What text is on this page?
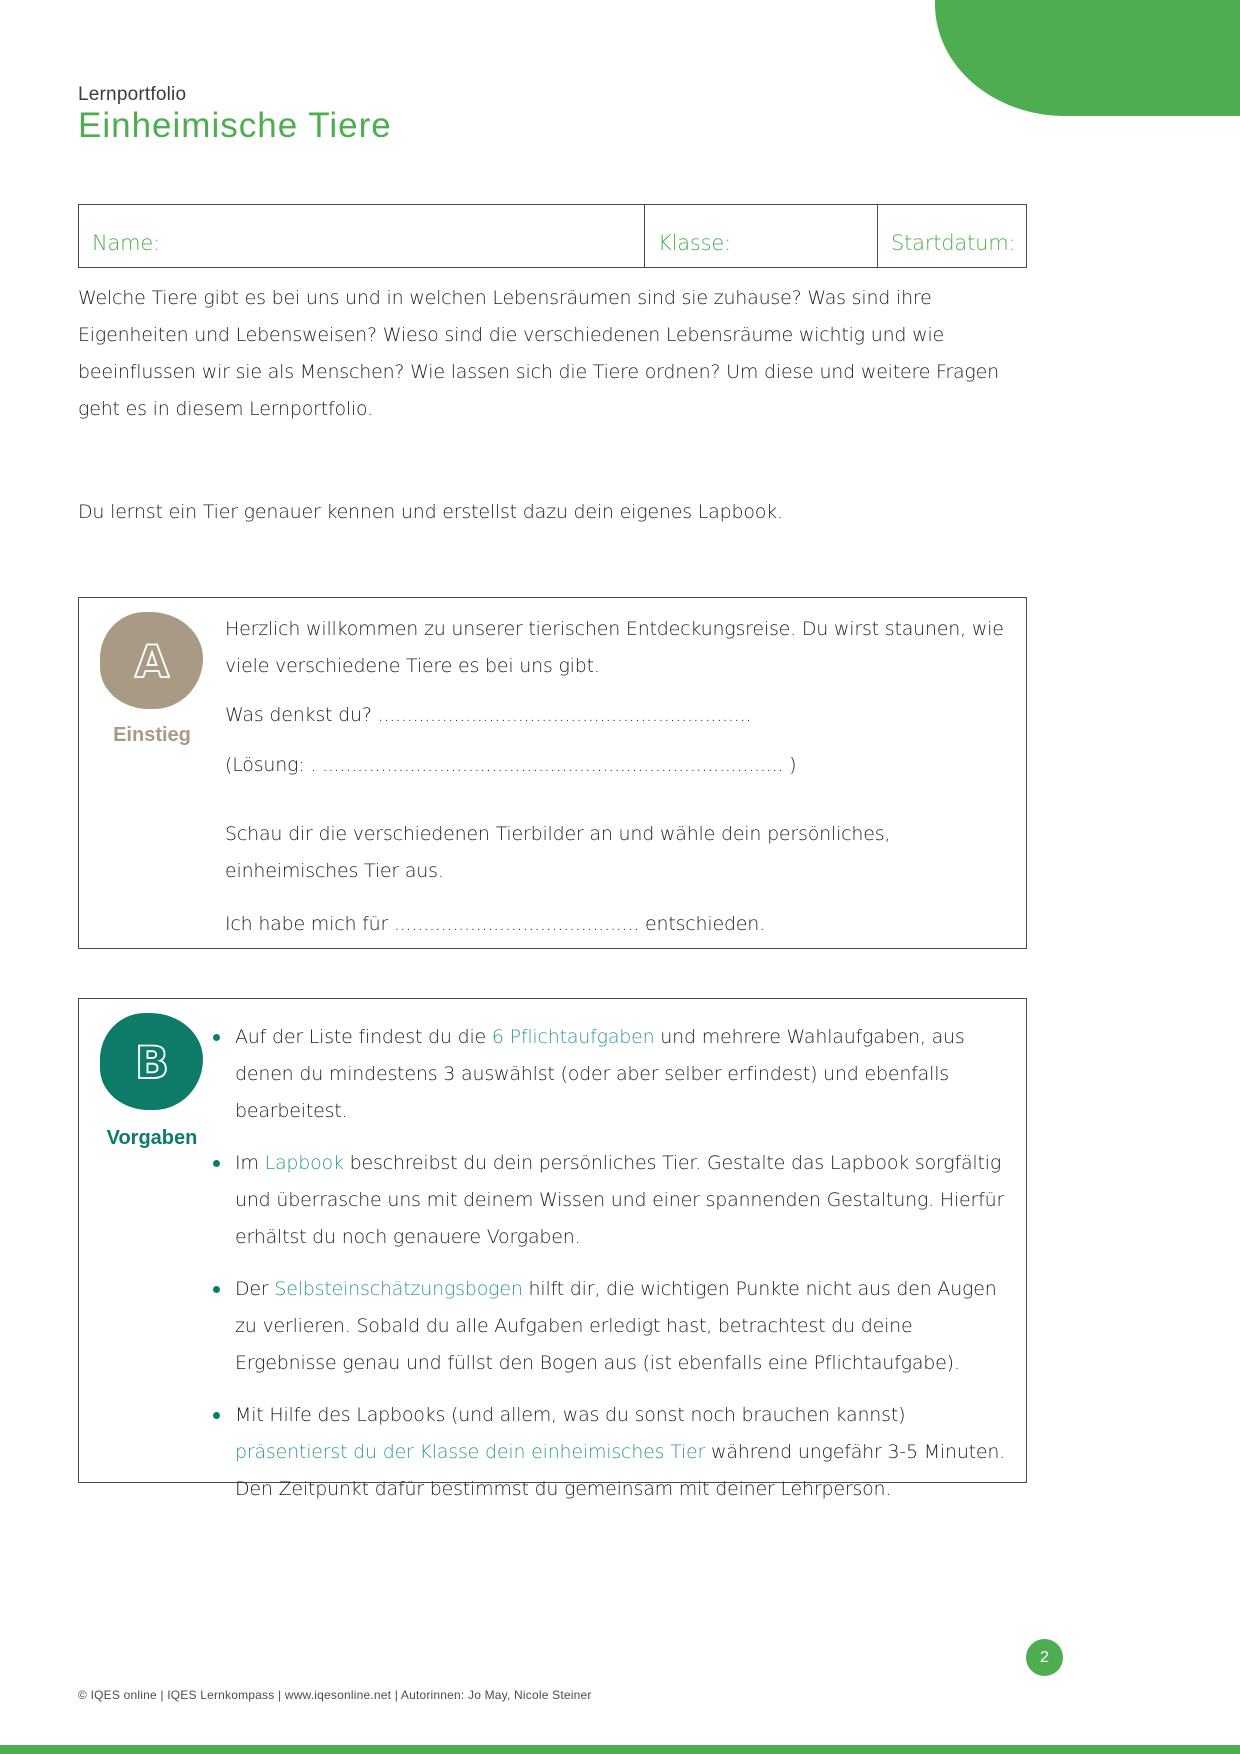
Lernportfolio
Einheimische Tiere
Name:	Klasse:	Startdatum:

Welche Tiere gibt es bei uns und in welchen Lebensräumen sind sie zuhause? Was sind ihre Eigenheiten und Lebensweisen? Wieso sind die verschiedenen Lebensräume wichtig und wie beeinflussen wir sie als Menschen? Wie lassen sich die Tiere ordnen? Um diese und weitere Fragen geht es in diesem Lernportfolio.

Du lernst ein Tier genauer kennen und erstellst dazu dein eigenes Lapbook.

A
Einstieg

Herzlich willkommen zu unserer tierischen Entdeckungsreise. Du wirst staunen, wie viele verschiedene Tiere es bei uns gibt.

Was denkst du? ................................................................

(Lösung: . ............................................................................... )

Schau dir die verschiedenen Tierbilder an und wähle dein persönliches, einheimisches Tier aus.

Ich habe mich für .......................................... entschieden.

B
Vorgaben
Auf der Liste findest du die 6 Pflichtaufgaben und mehrere Wahlaufgaben, aus denen du mindestens 3 auswählst (oder aber selber erfindest) und ebenfalls bearbeitest.
Im Lapbook beschreibst du dein persönliches Tier. Gestalte das Lapbook sorgfältig und überrasche uns mit deinem Wissen und einer spannenden Gestaltung. Hierfür erhältst du noch genauere Vorgaben.
Der Selbsteinschätzungsbogen hilft dir, die wichtigen Punkte nicht aus den Augen zu verlieren. Sobald du alle Aufgaben erledigt hast, betrachtest du deine Ergebnisse genau und füllst den Bogen aus (ist ebenfalls eine Pflichtaufgabe).
Mit Hilfe des Lapbooks (und allem, was du sonst noch brauchen kannst) präsentierst du der Klasse dein einheimisches Tier während ungefähr 3-5 Minuten. Den Zeitpunkt dafür bestimmst du gemeinsam mit deiner Lehrperson.
© IQES online | IQES Lernkompass | www.iqesonline.net | Autorinnen: Jo May, Nicole Steiner
2
